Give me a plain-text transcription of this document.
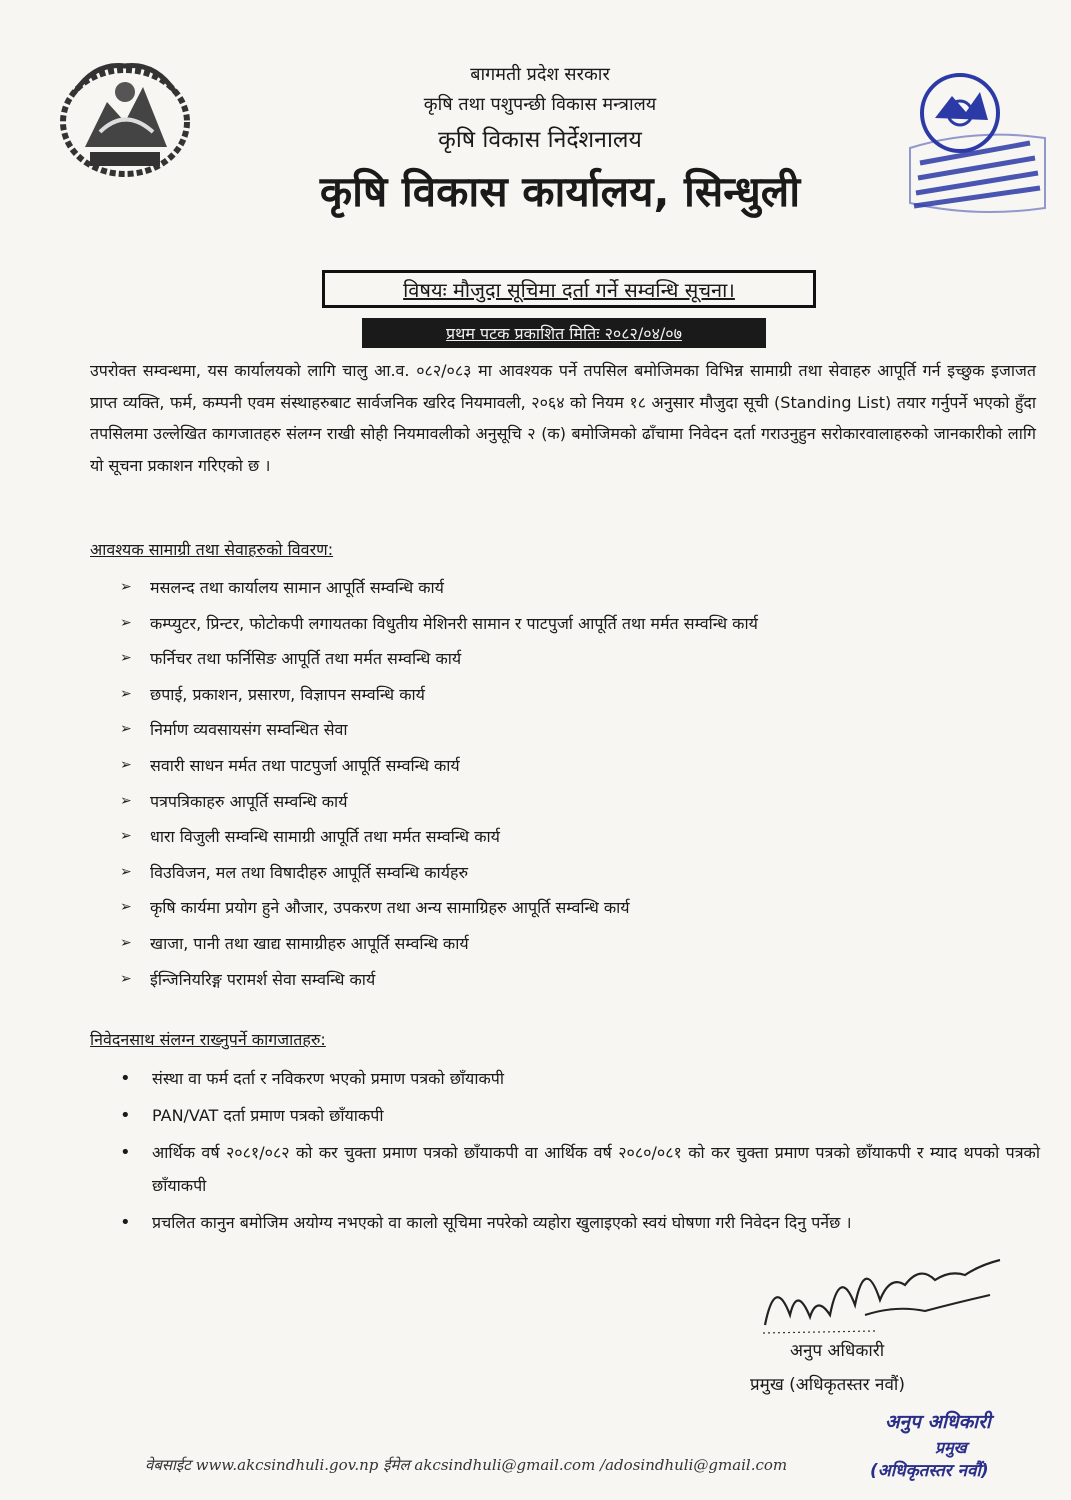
बागमती प्रदेश सरकार
कृषि तथा पशुपन्छी विकास मन्त्रालय
कृषि विकास निर्देशनालय
कृषि विकास कार्यालय, सिन्धुली
विषयः मौजुदा सूचिमा दर्ता गर्ने सम्वन्धि सूचना।
प्रथम पटक प्रकाशित मितिः २०८२/०४/०७
उपरोक्त सम्वन्धमा, यस कार्यालयको लागि चालु आ.व. ०८२/०८३ मा आवश्यक पर्ने तपसिल बमोजिमका विभिन्न सामाग्री तथा सेवाहरु आपूर्ति गर्न इच्छुक इजाजत प्राप्त व्यक्ति, फर्म, कम्पनी एवम संस्थाहरुबाट सार्वजनिक खरिद नियमावली, २०६४ को नियम १८ अनुसार मौजुदा सूची (Standing List) तयार गर्नुपर्ने भएको हुँदा तपसिलमा उल्लेखित कागजातहरु संलग्न राखी सोही नियमावलीको अनुसूचि २ (क) बमोजिमको ढाँचामा निवेदन दर्ता गराउनुहुन सरोकारवालाहरुको जानकारीको लागि यो सूचना प्रकाशन गरिएको छ ।
आवश्यक सामाग्री तथा सेवाहरुको विवरण:
➢	मसलन्द तथा कार्यालय सामान आपूर्ति सम्वन्धि कार्य
➢	कम्प्युटर, प्रिन्टर, फोटोकपी लगायतका विधुतीय मेशिनरी सामान र पाटपुर्जा आपूर्ति तथा मर्मत सम्वन्धि कार्य
➢	फर्निचर तथा फर्निसिङ आपूर्ति तथा मर्मत सम्वन्धि कार्य
➢	छपाई, प्रकाशन, प्रसारण, विज्ञापन सम्वन्धि कार्य
➢	निर्माण व्यवसायसंग सम्वन्धित सेवा
➢	सवारी साधन मर्मत तथा पाटपुर्जा आपूर्ति सम्वन्धि कार्य
➢	पत्रपत्रिकाहरु आपूर्ति सम्वन्धि कार्य
➢	धारा विजुली सम्वन्धि सामाग्री आपूर्ति तथा मर्मत सम्वन्धि कार्य
➢	विउविजन, मल तथा विषादीहरु आपूर्ति सम्वन्धि कार्यहरु
➢	कृषि कार्यमा प्रयोग हुने औजार, उपकरण तथा अन्य सामाग्रिहरु आपूर्ति सम्वन्धि कार्य
➢	खाजा, पानी तथा खाद्य सामाग्रीहरु आपूर्ति सम्वन्धि कार्य
➢	ईन्जिनियरिङ्ग परामर्श सेवा सम्वन्धि कार्य
निवेदनसाथ संलग्न राख्नुपर्ने कागजातहरु:
•	संस्था वा फर्म दर्ता र नविकरण भएको प्रमाण पत्रको छाँयाकपी
•	PAN/VAT दर्ता प्रमाण पत्रको छाँयाकपी
•	आर्थिक वर्ष २०८१/०८२ को कर चुक्ता प्रमाण पत्रको छाँयाकपी वा आर्थिक वर्ष २०८०/०८१ को कर चुक्ता प्रमाण पत्रको छाँयाकपी र म्याद थपको पत्रको छाँयाकपी
•	प्रचलित कानुन बमोजिम अयोग्य नभएको वा कालो सूचिमा नपरेको व्यहोरा खुलाइएको स्वयं घोषणा गरी निवेदन दिनु पर्नेछ ।
अनुप अधिकारी
प्रमुख (अधिकृतस्तर नवौं)
अनुप अधिकारी
प्रमुख
(अधिकृतस्तर नवौं)
वेबसाईट www.akcsindhuli.gov.np ईमेल akcsindhuli@gmail.com /adosindhuli@gmail.com
